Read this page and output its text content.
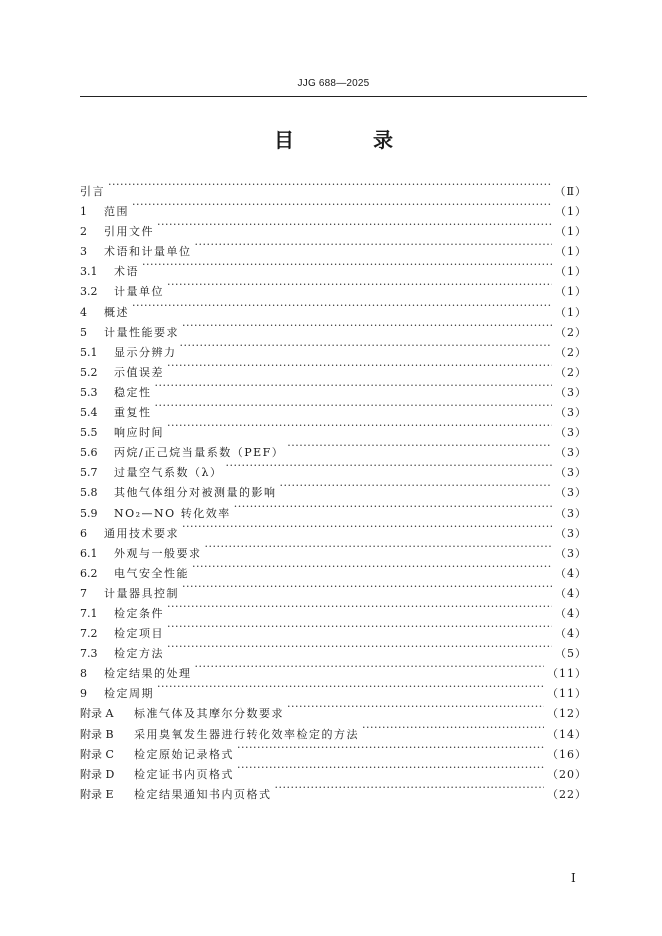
JJG 688—2025
目 录
引言 ·····	（Ⅱ）
1	范围 ·····	（1）
2	引用文件 ·····	（1）
3	术语和计量单位 ·····	（1）
3.1	术语 ·····	（1）
3.2	计量单位 ·····	（1）
4	概述 ·····	（1）
5	计量性能要求 ·····	（2）
5.1	显示分辨力 ·····	（2）
5.2	示值误差 ·····	（2）
5.3	稳定性 ·····	（3）
5.4	重复性 ·····	（3）
5.5	响应时间 ·····	（3）
5.6	丙烷/正己烷当量系数（PEF） ·····	（3）
5.7	过量空气系数（λ） ·····	（3）
5.8	其他气体组分对被测量的影响 ·····	（3）
5.9	NO₂—NO 转化效率 ·····	（3）
6	通用技术要求 ·····	（3）
6.1	外观与一般要求 ·····	（3）
6.2	电气安全性能 ·····	（4）
7	计量器具控制 ·····	（4）
7.1	检定条件 ·····	（4）
7.2	检定项目 ·····	（4）
7.3	检定方法 ·····	（5）
8	检定结果的处理 ·····	（11）
9	检定周期 ·····	（11）
附录 A	标准气体及其摩尔分数要求 ·····	（12）
附录 B	采用臭氧发生器进行转化效率检定的方法 ·····	（14）
附录 C	检定原始记录格式 ·····	（16）
附录 D	检定证书内页格式 ·····	（20）
附录 E	检定结果通知书内页格式 ·····	（22）
I
